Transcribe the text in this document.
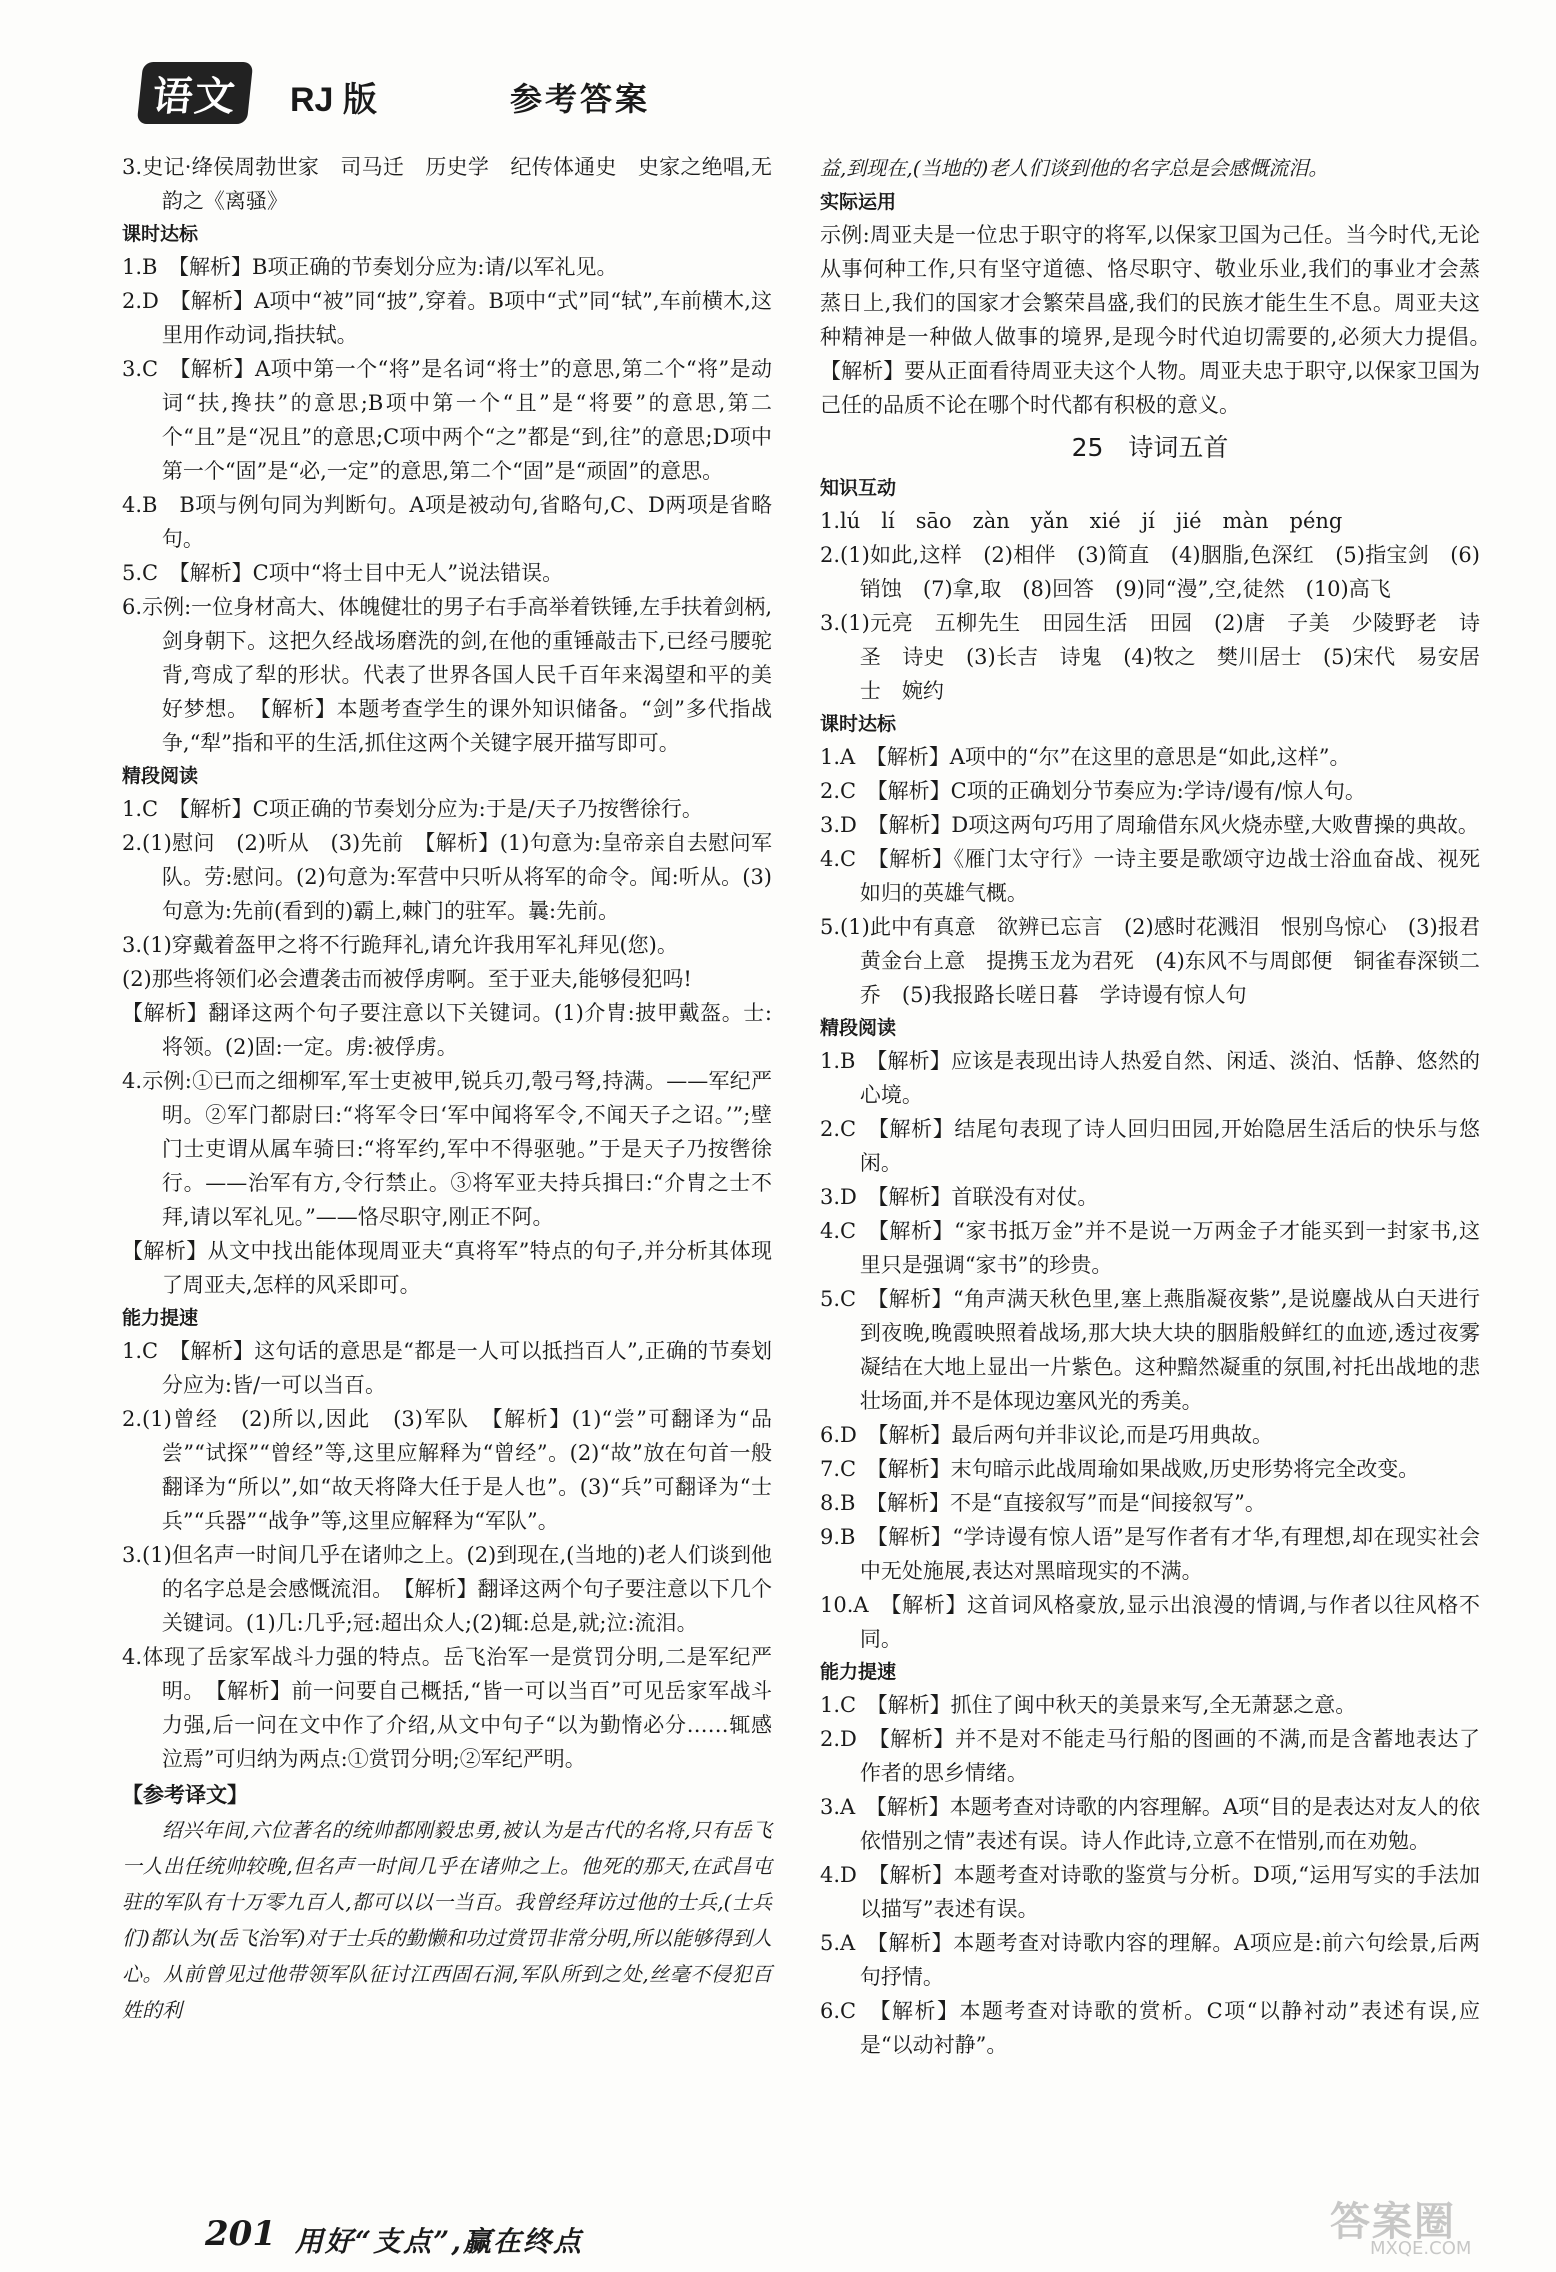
语文	RJ 版	参考答案

3.史记·绛侯周勃世家　司马迁　历史学　纪传体通史　史家之绝唱,无韵之《离骚》

课时达标

1.B　【解析】B项正确的节奏划分应为:请/以军礼见。

2.D　【解析】A项中“被”同“披”,穿着。B项中“式”同“轼”,车前横木,这里用作动词,指扶轼。

3.C　【解析】A项中第一个“将”是名词“将士”的意思,第二个“将”是动词“扶,搀扶”的意思;B项中第一个“且”是“将要”的意思,第二个“且”是“况且”的意思;C项中两个“之”都是“到,往”的意思;D项中第一个“固”是“必,一定”的意思,第二个“固”是“顽固”的意思。

4.B　B项与例句同为判断句。A项是被动句,省略句,C、D两项是省略句。

5.C　【解析】C项中“将士目中无人”说法错误。

6.示例:一位身材高大、体魄健壮的男子右手高举着铁锤,左手扶着剑柄,剑身朝下。这把久经战场磨洗的剑,在他的重锤敲击下,已经弓腰驼背,弯成了犁的形状。代表了世界各国人民千百年来渴望和平的美好梦想。　【解析】本题考查学生的课外知识储备。“剑”多代指战争,“犁”指和平的生活,抓住这两个关键字展开描写即可。

精段阅读

1.C　【解析】C项正确的节奏划分应为:于是/天子乃按辔徐行。

2.(1)慰问　(2)听从　(3)先前　【解析】(1)句意为:皇帝亲自去慰问军队。劳:慰问。(2)句意为:军营中只听从将军的命令。闻:听从。(3)句意为:先前(看到的)霸上,棘门的驻军。曩:先前。

3.(1)穿戴着盔甲之将不行跪拜礼,请允许我用军礼拜见(您)。

(2)那些将领们必会遭袭击而被俘虏啊。至于亚夫,能够侵犯吗!

【解析】翻译这两个句子要注意以下关键词。(1)介胄:披甲戴盔。士:将领。(2)固:一定。虏:被俘虏。

4.示例:①已而之细柳军,军士吏被甲,锐兵刃,彀弓弩,持满。——军纪严明。②军门都尉曰:“将军令曰‘军中闻将军令,不闻天子之诏。’”;壁门士吏谓从属车骑曰:“将军约,军中不得驱驰。”于是天子乃按辔徐行。——治军有方,令行禁止。③将军亚夫持兵揖曰:“介胄之士不拜,请以军礼见。”——恪尽职守,刚正不阿。

【解析】从文中找出能体现周亚夫“真将军”特点的句子,并分析其体现了周亚夫,怎样的风采即可。

能力提速

1.C　【解析】这句话的意思是“都是一人可以抵挡百人”,正确的节奏划分应为:皆/一可以当百。

2.(1)曾经　(2)所以,因此　(3)军队　【解析】(1)“尝”可翻译为“品尝”“试探”“曾经”等,这里应解释为“曾经”。(2)“故”放在句首一般翻译为“所以”,如“故天将降大任于是人也”。(3)“兵”可翻译为“士兵”“兵器”“战争”等,这里应解释为“军队”。

3.(1)但名声一时间几乎在诸帅之上。(2)到现在,(当地的)老人们谈到他的名字总是会感慨流泪。　【解析】翻译这两个句子要注意以下几个关键词。(1)几:几乎;冠:超出众人;(2)辄:总是,就;泣:流泪。

4.体现了岳家军战斗力强的特点。岳飞治军一是赏罚分明,二是军纪严明。　【解析】前一问要自己概括,“皆一可以当百”可见岳家军战斗力强,后一问在文中作了介绍,从文中句子“以为勤惰必分……辄感泣焉”可归纳为两点:①赏罚分明;②军纪严明。

【参考译文】

绍兴年间,六位著名的统帅都刚毅忠勇,被认为是古代的名将,只有岳飞一人出任统帅较晚,但名声一时间几乎在诸帅之上。他死的那天,在武昌屯驻的军队有十万零九百人,都可以以一当百。我曾经拜访过他的士兵,(士兵们)都认为(岳飞治军)对于士兵的勤懒和功过赏罚非常分明,所以能够得到人心。从前曾见过他带领军队征讨江西固石洞,军队所到之处,丝毫不侵犯百姓的利

益,到现在,(当地的)老人们谈到他的名字总是会感慨流泪。

实际运用

示例:周亚夫是一位忠于职守的将军,以保家卫国为己任。当今时代,无论从事何种工作,只有坚守道德、恪尽职守、敬业乐业,我们的事业才会蒸蒸日上,我们的国家才会繁荣昌盛,我们的民族才能生生不息。周亚夫这种精神是一种做人做事的境界,是现今时代迫切需要的,必须大力提倡。　【解析】要从正面看待周亚夫这个人物。周亚夫忠于职守,以保家卫国为己任的品质不论在哪个时代都有积极的意义。

25　诗词五首
知识互动

1.lú　lí　sāo　zàn　yǎn　xié　jí　jié　màn　péng

2.(1)如此,这样　(2)相伴　(3)简直　(4)胭脂,色深红　(5)指宝剑　(6)销蚀　(7)拿,取　(8)回答　(9)同“漫”,空,徒然　(10)高飞

3.(1)元亮　五柳先生　田园生活　田园　(2)唐　子美　少陵野老　诗圣　诗史　(3)长吉　诗鬼　(4)牧之　樊川居士　(5)宋代　易安居士　婉约

课时达标

1.A　【解析】A项中的“尔”在这里的意思是“如此,这样”。

2.C　【解析】C项的正确划分节奏应为:学诗/谩有/惊人句。

3.D　【解析】D项这两句巧用了周瑜借东风火烧赤壁,大败曹操的典故。

4.C　【解析】《雁门太守行》一诗主要是歌颂守边战士浴血奋战、视死如归的英雄气概。

5.(1)此中有真意　欲辨已忘言　(2)感时花溅泪　恨别鸟惊心　(3)报君黄金台上意　提携玉龙为君死　(4)东风不与周郎便　铜雀春深锁二乔　(5)我报路长嗟日暮　学诗谩有惊人句

精段阅读

1.B　【解析】应该是表现出诗人热爱自然、闲适、淡泊、恬静、悠然的心境。

2.C　【解析】结尾句表现了诗人回归田园,开始隐居生活后的快乐与悠闲。

3.D　【解析】首联没有对仗。

4.C　【解析】“家书抵万金”并不是说一万两金子才能买到一封家书,这里只是强调“家书”的珍贵。

5.C　【解析】“角声满天秋色里,塞上燕脂凝夜紫”,是说鏖战从白天进行到夜晚,晚霞映照着战场,那大块大块的胭脂般鲜红的血迹,透过夜雾凝结在大地上显出一片紫色。这种黯然凝重的氛围,衬托出战地的悲壮场面,并不是体现边塞风光的秀美。

6.D　【解析】最后两句并非议论,而是巧用典故。

7.C　【解析】末句暗示此战周瑜如果战败,历史形势将完全改变。

8.B　【解析】不是“直接叙写”而是“间接叙写”。

9.B　【解析】“学诗谩有惊人语”是写作者有才华,有理想,却在现实社会中无处施展,表达对黑暗现实的不满。

10.A　【解析】这首词风格豪放,显示出浪漫的情调,与作者以往风格不同。

能力提速

1.C　【解析】抓住了闽中秋天的美景来写,全无萧瑟之意。

2.D　【解析】并不是对不能走马行船的图画的不满,而是含蓄地表达了作者的思乡情绪。

3.A　【解析】本题考查对诗歌的内容理解。A项“目的是表达对友人的依依惜别之情”表述有误。诗人作此诗,立意不在惜别,而在劝勉。

4.D　【解析】本题考查对诗歌的鉴赏与分析。D项,“运用写实的手法加以描写”表述有误。

5.A　【解析】本题考查对诗歌内容的理解。A项应是:前六句绘景,后两句抒情。

6.C　【解析】本题考查对诗歌的赏析。C项“以静衬动”表述有误,应是“以动衬静”。

201 用好“支点”,赢在终点	答案圈
MXQE.COM
